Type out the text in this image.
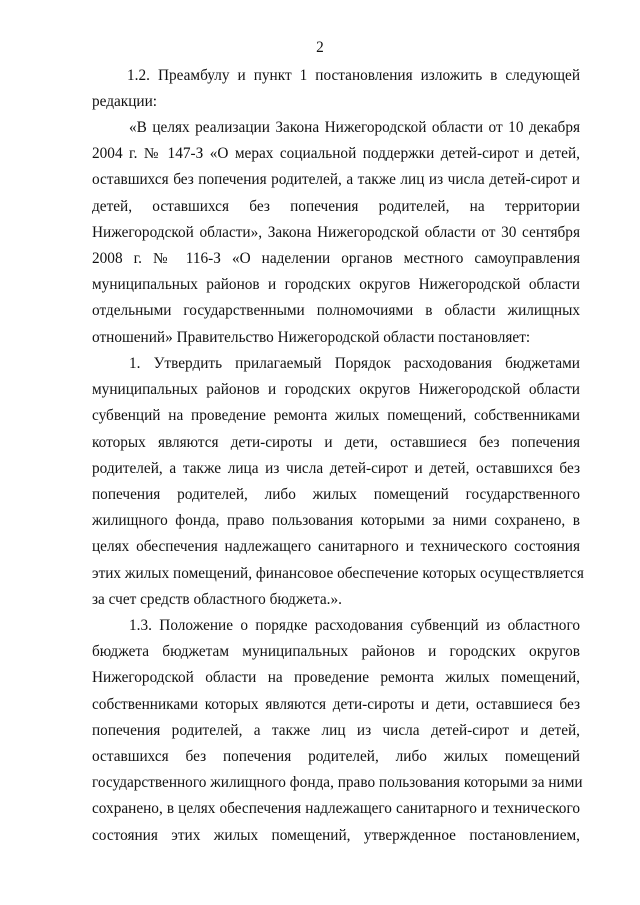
2
1.2. Преамбулу и пункт 1 постановления изложить в следующей
редакции:
«В целях реализации Закона Нижегородской области от 10 декабря
2004 г. № 147-З «О мерах социальной поддержки детей-сирот и детей,
оставшихся без попечения родителей, а также лиц из числа детей-сирот и
детей, оставшихся без попечения родителей, на территории
Нижегородской области», Закона Нижегородской области от 30 сентября
2008 г. № 116-З «О наделении органов местного самоуправления
муниципальных районов и городских округов Нижегородской области
отдельными государственными полномочиями в области жилищных
отношений» Правительство Нижегородской области постановляет:
1. Утвердить прилагаемый Порядок расходования бюджетами
муниципальных районов и городских округов Нижегородской области
субвенций на проведение ремонта жилых помещений, собственниками
которых являются дети-сироты и дети, оставшиеся без попечения
родителей, а также лица из числа детей-сирот и детей, оставшихся без
попечения родителей, либо жилых помещений государственного
жилищного фонда, право пользования которыми за ними сохранено, в
целях обеспечения надлежащего санитарного и технического состояния
этих жилых помещений, финансовое обеспечение которых осуществляется
за счет средств областного бюджета.».
1.3. Положение о порядке расходования субвенций из областного
бюджета бюджетам муниципальных районов и городских округов
Нижегородской области на проведение ремонта жилых помещений,
собственниками которых являются дети-сироты и дети, оставшиеся без
попечения родителей, а также лиц из числа детей-сирот и детей,
оставшихся без попечения родителей, либо жилых помещений
государственного жилищного фонда, право пользования которыми за ними
сохранено, в целях обеспечения надлежащего санитарного и технического
состояния этих жилых помещений, утвержденное постановлением,
